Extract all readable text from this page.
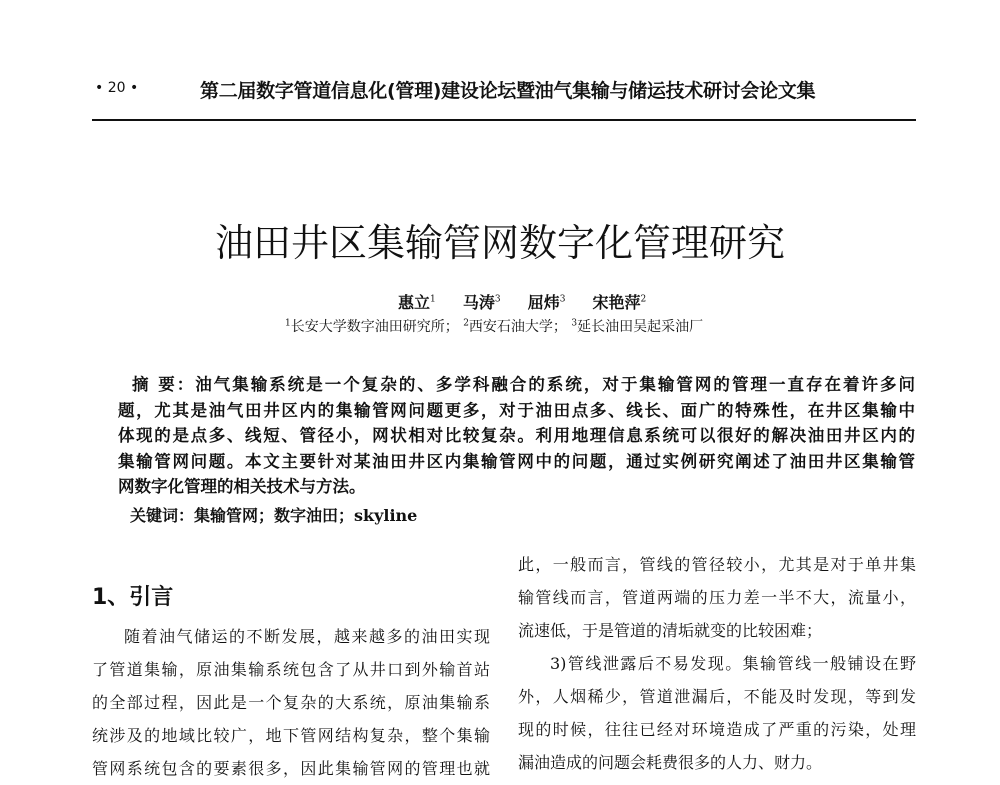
• 20 •	第二届数字管道信息化(管理)建设论坛暨油气集输与储运技术研讨会论文集
油田井区集输管网数字化管理研究
惠立$^1$ 马涛$^3$ 屈炜$^3$ 宋艳萍$^2$
$^1$长安大学数字油田研究所； $^2$西安石油大学； $^3$延长油田吴起采油厂
摘 要：油气集输系统是一个复杂的、多学科融合的系统，对于集输管网的管理一直存在着许多问
题，尤其是油气田井区内的集输管网问题更多，对于油田点多、线长、面广的特殊性，在井区集输中
体现的是点多、线短、管径小，网状相对比较复杂。利用地理信息系统可以很好的解决油田井区内的
集输管网问题。本文主要针对某油田井区内集输管网中的问题，通过实例研究阐述了油田井区集输管
网数字化管理的相关技术与方法。
关键词：集输管网；数字油田；skyline
1、引言
随着油气储运的不断发展，越来越多的油田实现
了管道集输，原油集输系统包含了从井口到外输首站
的全部过程，因此是一个复杂的大系统，原油集输系
统涉及的地域比较广，地下管网结构复杂，整个集输
管网系统包含的要素很多，因此集输管网的管理也就
此，一般而言，管线的管径较小，尤其是对于单井集
输管线而言，管道两端的压力差一半不大，流量小，
流速低，于是管道的清垢就变的比较困难；
3)管线泄露后不易发现。集输管线一般铺设在野
外，人烟稀少，管道泄漏后，不能及时发现，等到发
现的时候，往往已经对环境造成了严重的污染，处理
漏油造成的问题会耗费很多的人力、财力。
